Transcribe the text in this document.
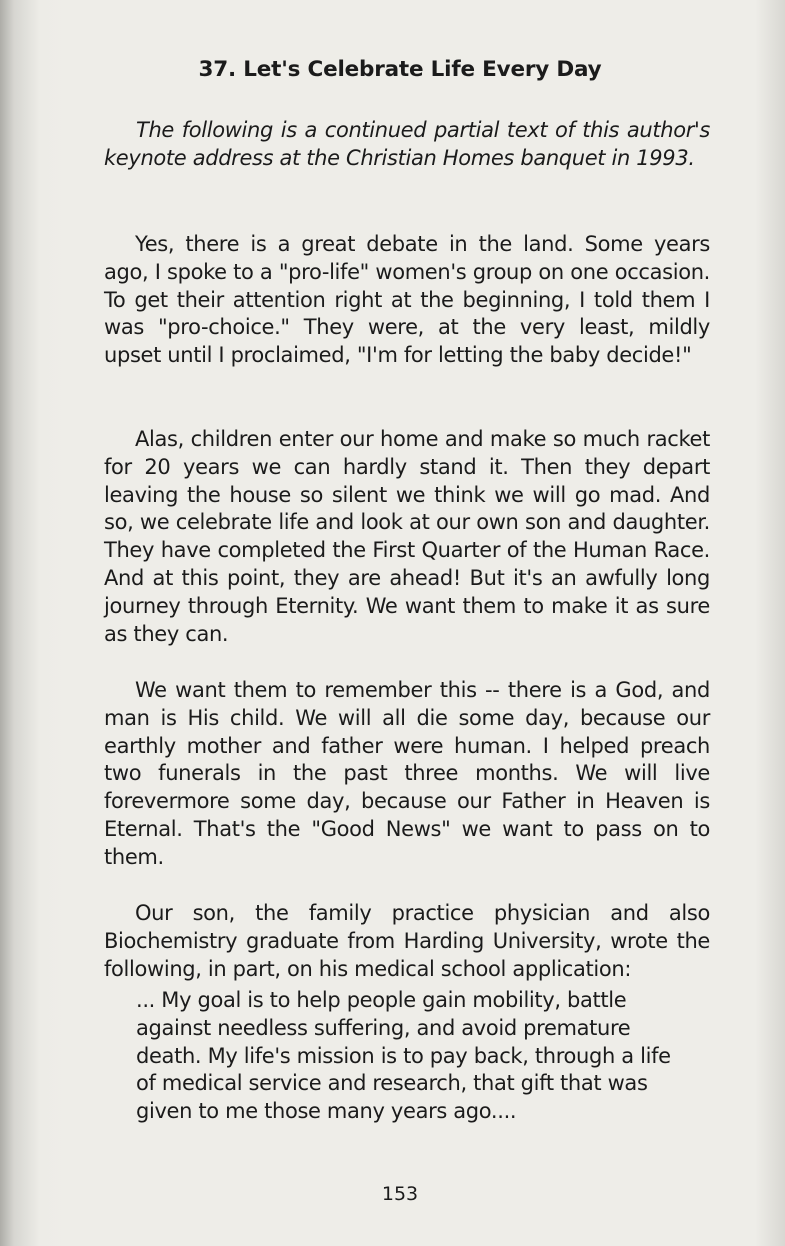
37. Let's Celebrate Life Every Day

The following is a continued partial text of this author's keynote address at the Christian Homes banquet in 1993.

Yes, there is a great debate in the land. Some years ago, I spoke to a "pro-life" women's group on one occasion. To get their attention right at the beginning, I told them I was "pro-choice." They were, at the very least, mildly upset until I proclaimed, "I'm for letting the baby decide!"

Alas, children enter our home and make so much racket for 20 years we can hardly stand it. Then they depart leaving the house so silent we think we will go mad. And so, we celebrate life and look at our own son and daughter. They have completed the First Quarter of the Human Race. And at this point, they are ahead! But it's an awfully long journey through Eternity. We want them to make it as sure as they can.

We want them to remember this -- there is a God, and man is His child. We will all die some day, because our earthly mother and father were human. I helped preach two funerals in the past three months. We will live forevermore some day, because our Father in Heaven is Eternal. That's the "Good News" we want to pass on to them.

Our son, the family practice physician and also Biochemistry graduate from Harding University, wrote the following, in part, on his medical school application:

... My goal is to help people gain mobility, battle against needless suffering, and avoid premature death. My life's mission is to pay back, through a life of medical service and research, that gift that was given to me those many years ago....

153
